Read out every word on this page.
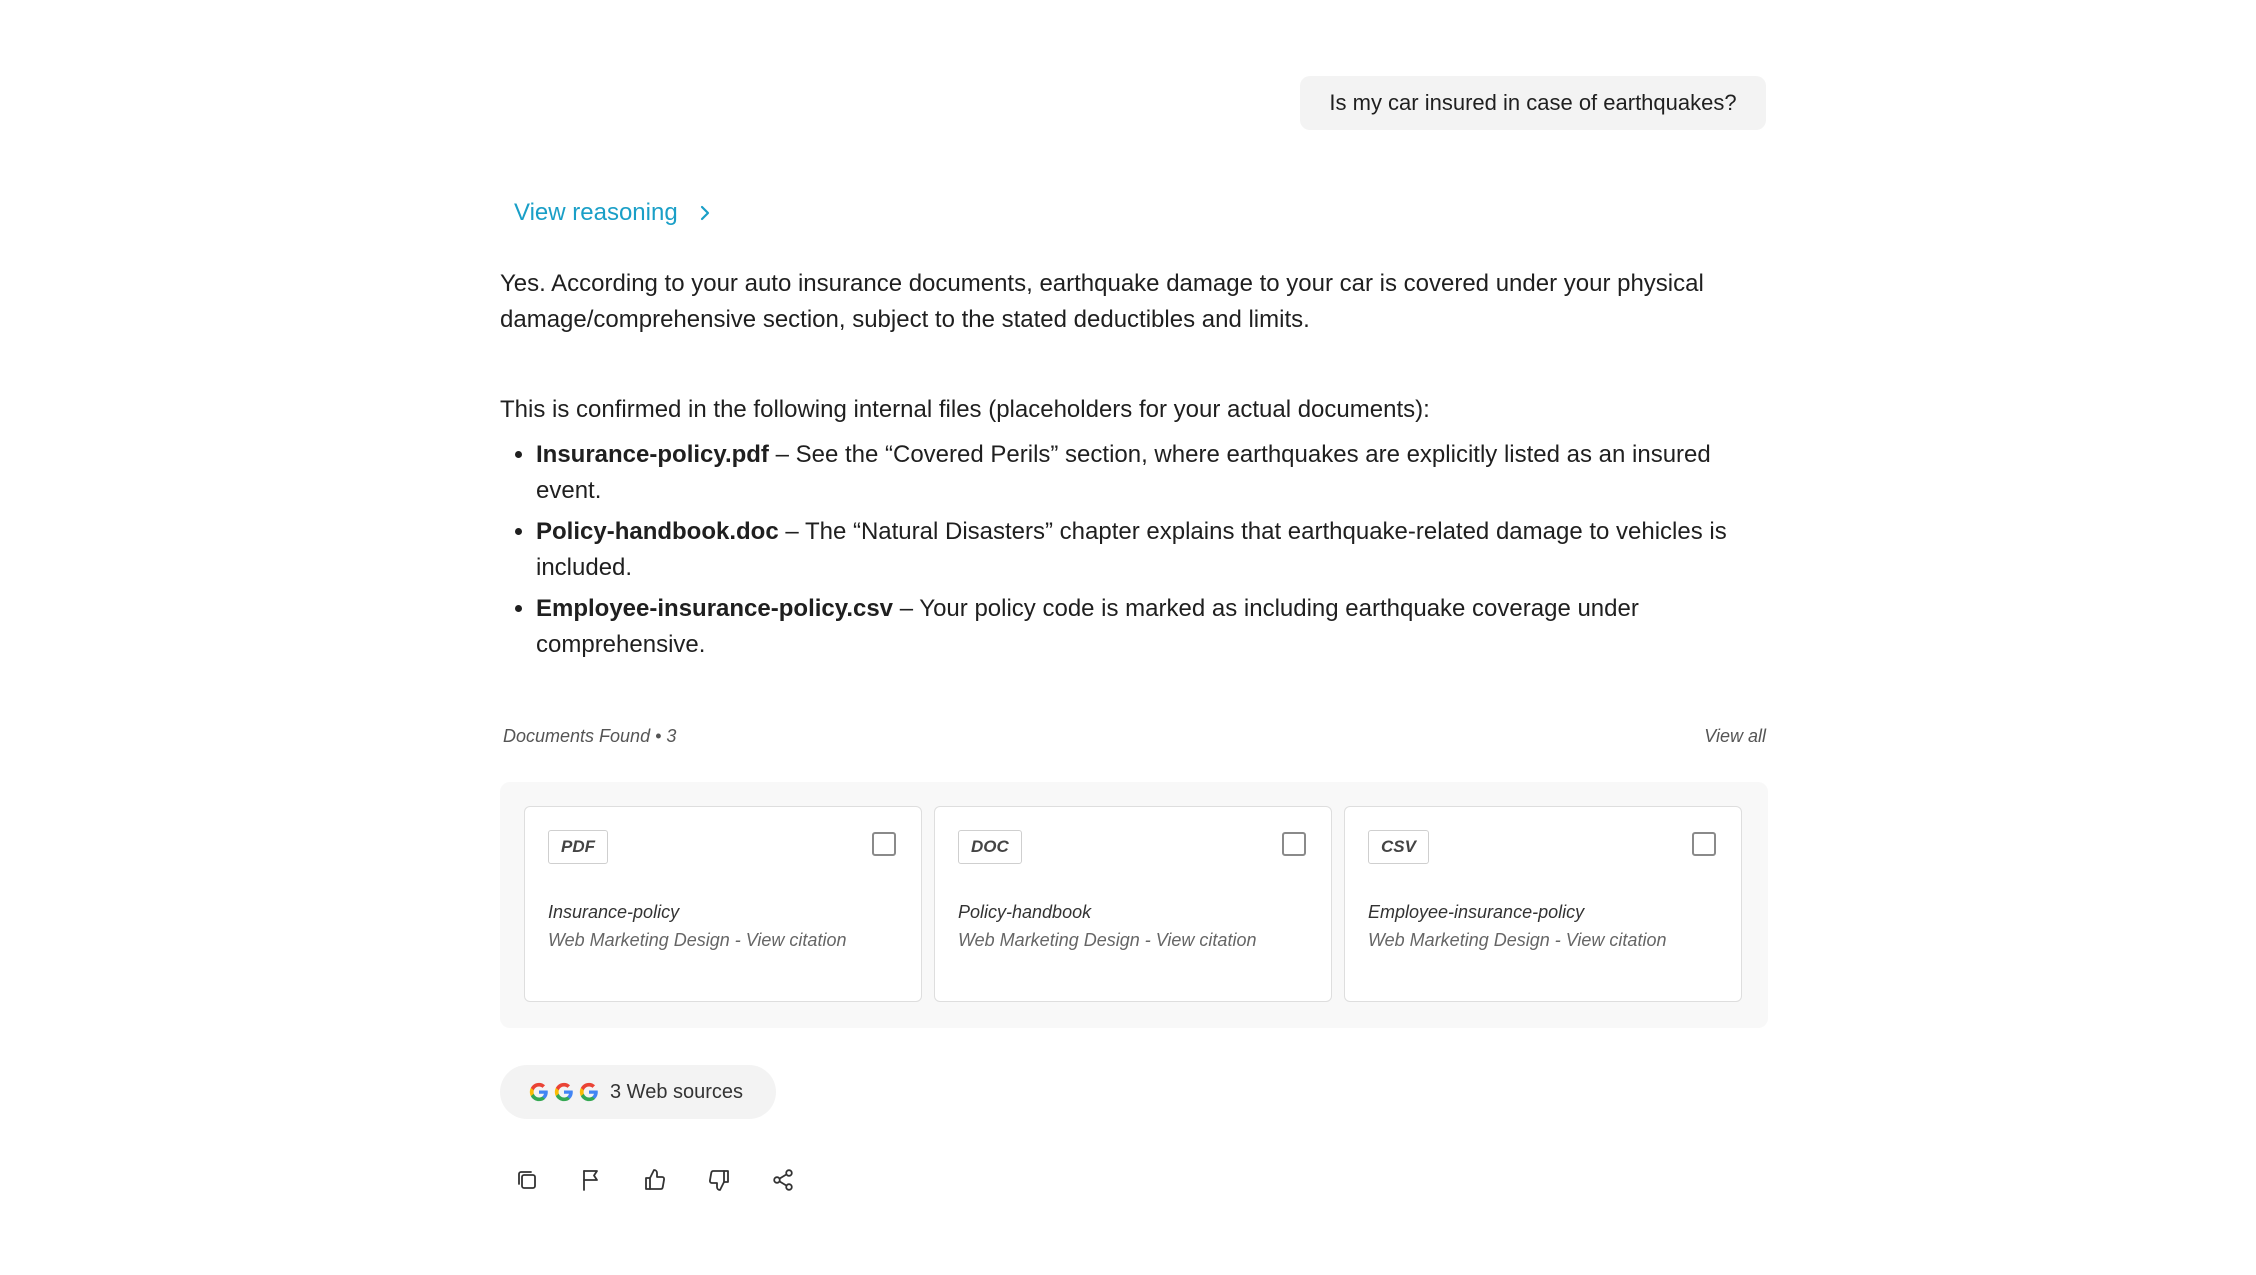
Is my car insured in case of earthquakes?
View reasoning

Yes. According to your auto insurance documents, earthquake damage to your car is covered under your physical damage/comprehensive section, subject to the stated deductibles and limits.

This is confirmed in the following internal files (placeholders for your actual documents):

• Insurance-policy.pdf – See the “Covered Perils” section, where earthquakes are explicitly listed as an insured event.
• Policy-handbook.doc – The “Natural Disasters” chapter explains that earthquake-related damage to vehicles is included.
• Employee-insurance-policy.csv – Your policy code is marked as including earthquake coverage under comprehensive.
Documents Found • 3	View all
PDF
Insurance-policy
Web Marketing Design - View citation
DOC
Policy-handbook
Web Marketing Design - View citation
CSV
Employee-insurance-policy
Web Marketing Design - View citation
3 Web sources
